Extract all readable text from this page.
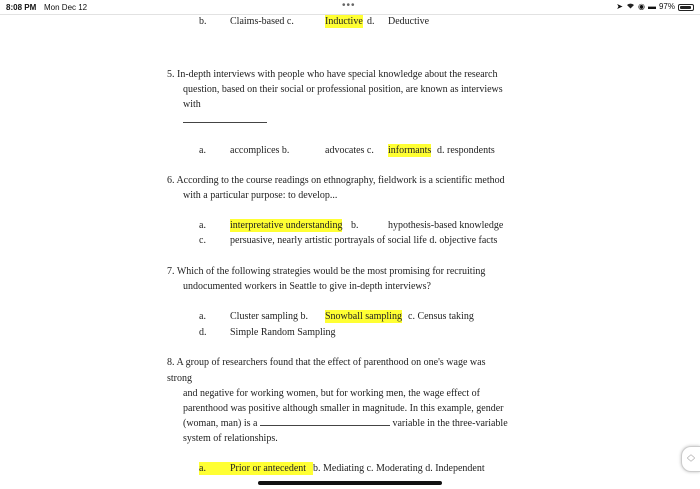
8:08 PM Mon Dec 12	•••	➤ ◉ ▬ 97%
b. Claims-based c.	Inductive d. Deductive
5. In-depth interviews with people who have special knowledge about the research
question, based on their social or professional position, are known as interviews
with
a. accomplices b.	advocates c. informants d. respondents
6. According to the course readings on ethnography, fieldwork is a scientific method
with a particular purpose: to develop...
a. interpretative understanding b.	hypothesis-based knowledge
c. persuasive, nearly artistic portrayals of social life d. objective facts
7. Which of the following strategies would be the most promising for recruiting
undocumented workers in Seattle to give in-depth interviews?
a. Cluster sampling b. Snowball sampling c. Census taking
d. Simple Random Sampling
8. A group of researchers found that the effect of parenthood on one's wage was
strong
and negative for working women, but for working men, the wage effect of
parenthood was positive although smaller in magnitude. In this example, gender
(woman, man) is a	variable in the three-variable
system of relationships.
a. Prior or antecedent b. Mediating c. Moderating d. Independent
︿
﹀
